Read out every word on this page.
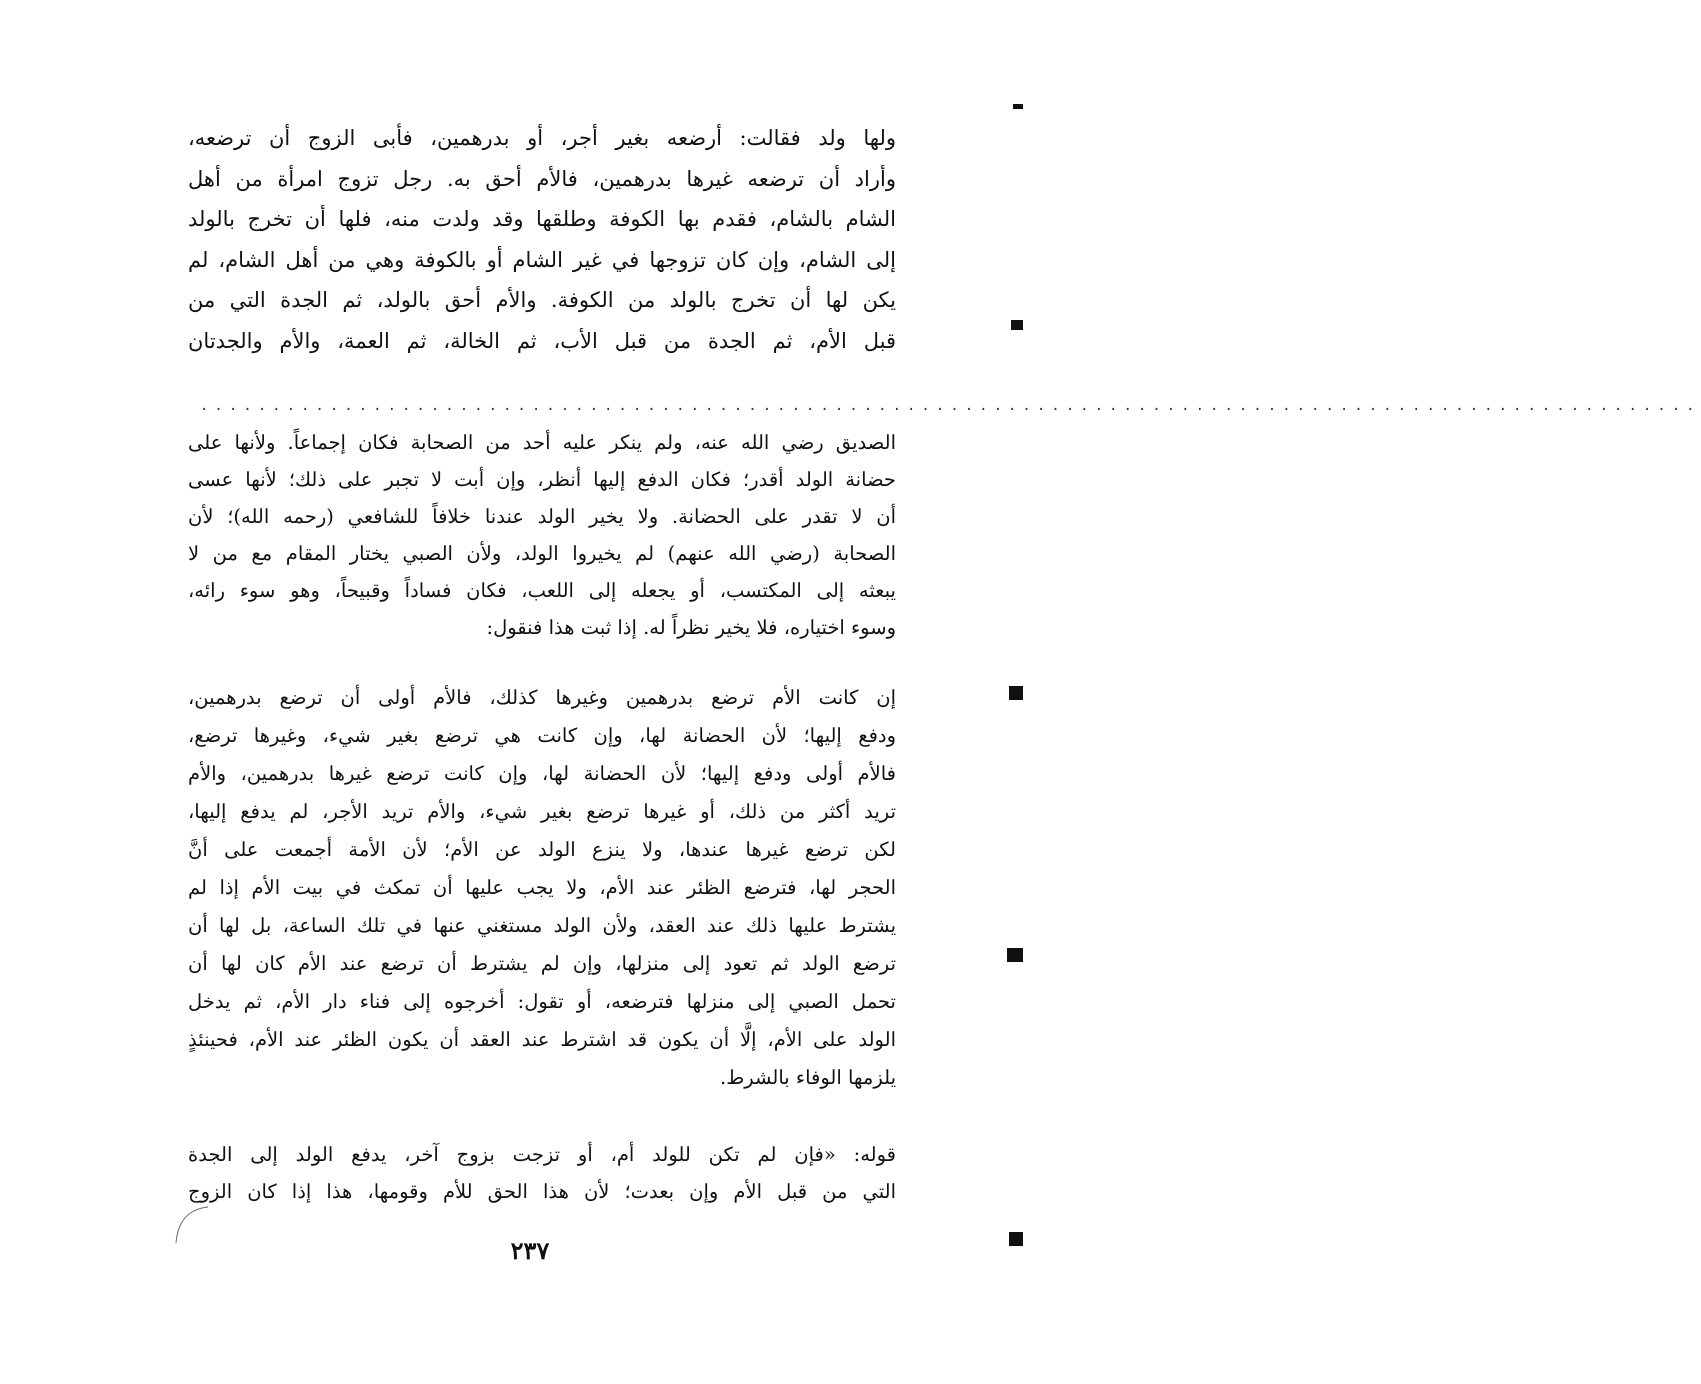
ولها ولد فقالت: أرضعه بغير أجر، أو بدرهمين، فأبى الزوج أن ترضعه،
وأراد أن ترضعه غيرها بدرهمين، فالأم أحق به. رجل تزوج امرأة من أهل
الشام بالشام، فقدم بها الكوفة وطلقها وقد ولدت منه، فلها أن تخرج بالولد
إلى الشام، وإن كان تزوجها في غير الشام أو بالكوفة وهي من أهل الشام، لم
يكن لها أن تخرج بالولد من الكوفة. والأم أحق بالولد، ثم الجدة التي من
قبل الأم، ثم الجدة من قبل الأب، ثم الخالة، ثم العمة، والأم والجدتان
........................................................................................................
الصديق رضي الله عنه، ولم ينكر عليه أحد من الصحابة فكان إجماعاً. ولأنها على
حضانة الولد أقدر؛ فكان الدفع إليها أنظر، وإن أبت لا تجبر على ذلك؛ لأنها عسى
أن لا تقدر على الحضانة. ولا يخير الولد عندنا خلافاً للشافعي (رحمه الله)؛ لأن
الصحابة (رضي الله عنهم) لم يخيروا الولد، ولأن الصبي يختار المقام مع من لا
يبعثه إلى المكتسب، أو يجعله إلى اللعب، فكان فساداً وقبيحاً، وهو سوء رائه،
وسوء اختياره، فلا يخير نظراً له. إذا ثبت هذا فنقول:
إن كانت الأم ترضع بدرهمين وغيرها كذلك، فالأم أولى أن ترضع بدرهمين،
ودفع إليها؛ لأن الحضانة لها، وإن كانت هي ترضع بغير شيء، وغيرها ترضع،
فالأم أولى ودفع إليها؛ لأن الحضانة لها، وإن كانت ترضع غيرها بدرهمين، والأم
تريد أكثر من ذلك، أو غيرها ترضع بغير شيء، والأم تريد الأجر، لم يدفع إليها،
لكن ترضع غيرها عندها، ولا ينزع الولد عن الأم؛ لأن الأمة أجمعت على أنَّ
الحجر لها، فترضع الظئر عند الأم، ولا يجب عليها أن تمكث في بيت الأم إذا لم
يشترط عليها ذلك عند العقد، ولأن الولد مستغني عنها في تلك الساعة، بل لها أن
ترضع الولد ثم تعود إلى منزلها، وإن لم يشترط أن ترضع عند الأم كان لها أن
تحمل الصبي إلى منزلها فترضعه، أو تقول: أخرجوه إلى فناء دار الأم، ثم يدخل
الولد على الأم، إلَّا أن يكون قد اشترط عند العقد أن يكون الظئر عند الأم، فحينئذٍ
يلزمها الوفاء بالشرط.
قوله: «فإن لم تكن للولد أم، أو تزجت بزوج آخر، يدفع الولد إلى الجدة
التي من قبل الأم وإن بعدت؛ لأن هذا الحق للأم وقومها، هذا إذا كان الزوج
٢٣٧
